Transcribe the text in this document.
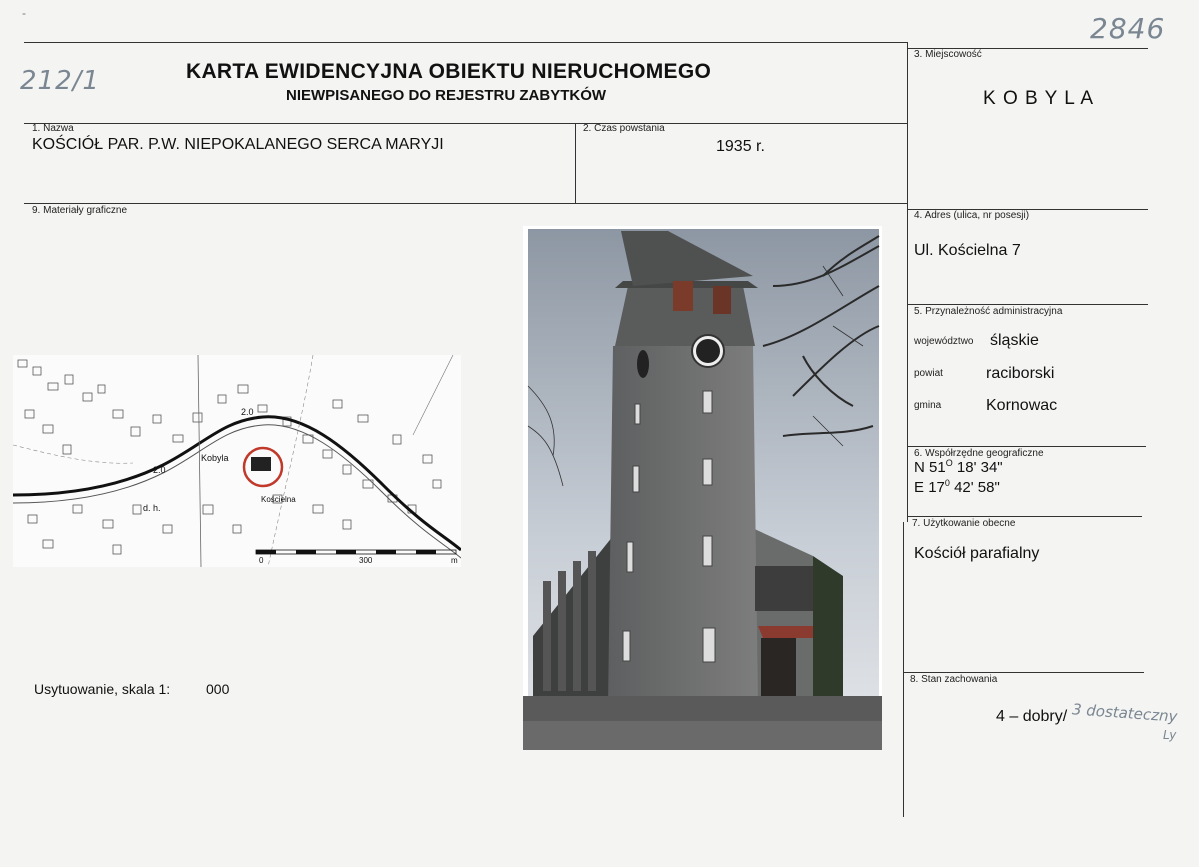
-
212/1
2846
KARTA EWIDENCYJNA OBIEKTU NIERUCHOMEGO
NIEWPISANEGO DO REJESTRU ZABYTKÓW
1. Nazwa
KOŚCIÓŁ PAR. P.W. NIEPOKALANEGO SERCA MARYJI
2. Czas powstania
1935 r.
3. Miejscowość
K O B Y L A
4. Adres (ulica, nr posesji)
Ul. Kościelna 7
5. Przynależność administracyjna
województwo śląskie
powiat	raciborski
gmina	Kornowac
6. Współrzędne geograficzne
N $51^O$ 18' 34"
E $17^0$ 42' 58"
7. Użytkowanie obecne
Kościół parafialny
8. Stan zachowania
4 – dobry/ 3 dostateczny
Ly
9. Materiały graficzne
2.0
Kobyla
Kościelna
2.0
d. h.
0	300	m
Usytuowanie, skala 1:	000
